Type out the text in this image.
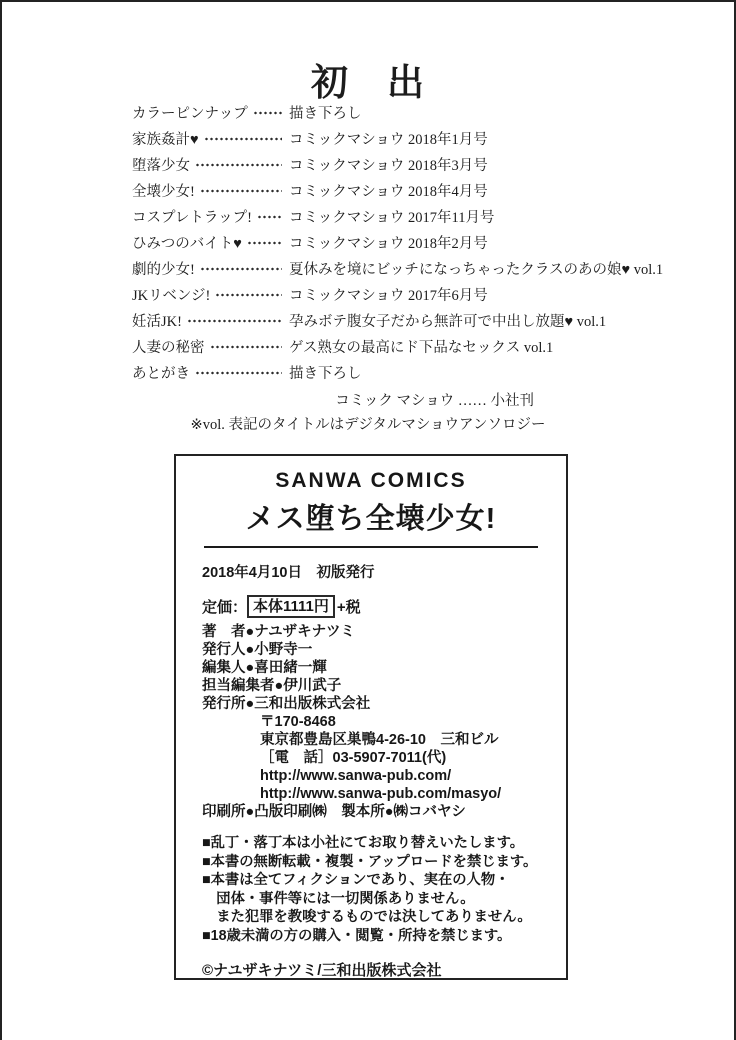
初　出
カラーピンナップ	描き下ろし
家族姦計♥	コミックマショウ 2018年1月号
堕落少女	コミックマショウ 2018年3月号
全壊少女!	コミックマショウ 2018年4月号
コスプレトラップ!	コミックマショウ 2017年11月号
ひみつのバイト♥	コミックマショウ 2018年2月号
劇的少女!	夏休みを境にビッチになっちゃったクラスのあの娘♥ vol.1
JKリベンジ!	コミックマショウ 2017年6月号
妊活JK!	孕みボテ腹女子だから無許可で中出し放題♥ vol.1
人妻の秘密	ゲス熟女の最高にド下品なセックス vol.1
あとがき	描き下ろし
コミック マショウ …… 小社刊
※vol. 表記のタイトルはデジタルマショウアンソロジー
SANWA COMICS
メス堕ち全壊少女!
2018年4月10日　初版発行
定価： 本体1111円 +税
著　者●ナユザキナツミ
発行人●小野寺一
編集人●喜田緒一輝
担当編集者●伊川武子
発行所●三和出版株式会社
〒170-8468
東京都豊島区巣鴨4-26-10　三和ビル
［電　話］03-5907-7011(代)
http://www.sanwa-pub.com/
http://www.sanwa-pub.com/masyo/
印刷所●凸版印刷㈱　製本所●㈱コバヤシ
■乱丁・落丁本は小社にてお取り替えいたします。
■本書の無断転載・複製・アップロードを禁じます。
■本書は全てフィクションであり、実在の人物・
　団体・事件等には一切関係ありません。
　また犯罪を教唆するものでは決してありません。
■18歳未満の方の購入・閲覧・所持を禁じます。
©ナユザキナツミ/三和出版株式会社
